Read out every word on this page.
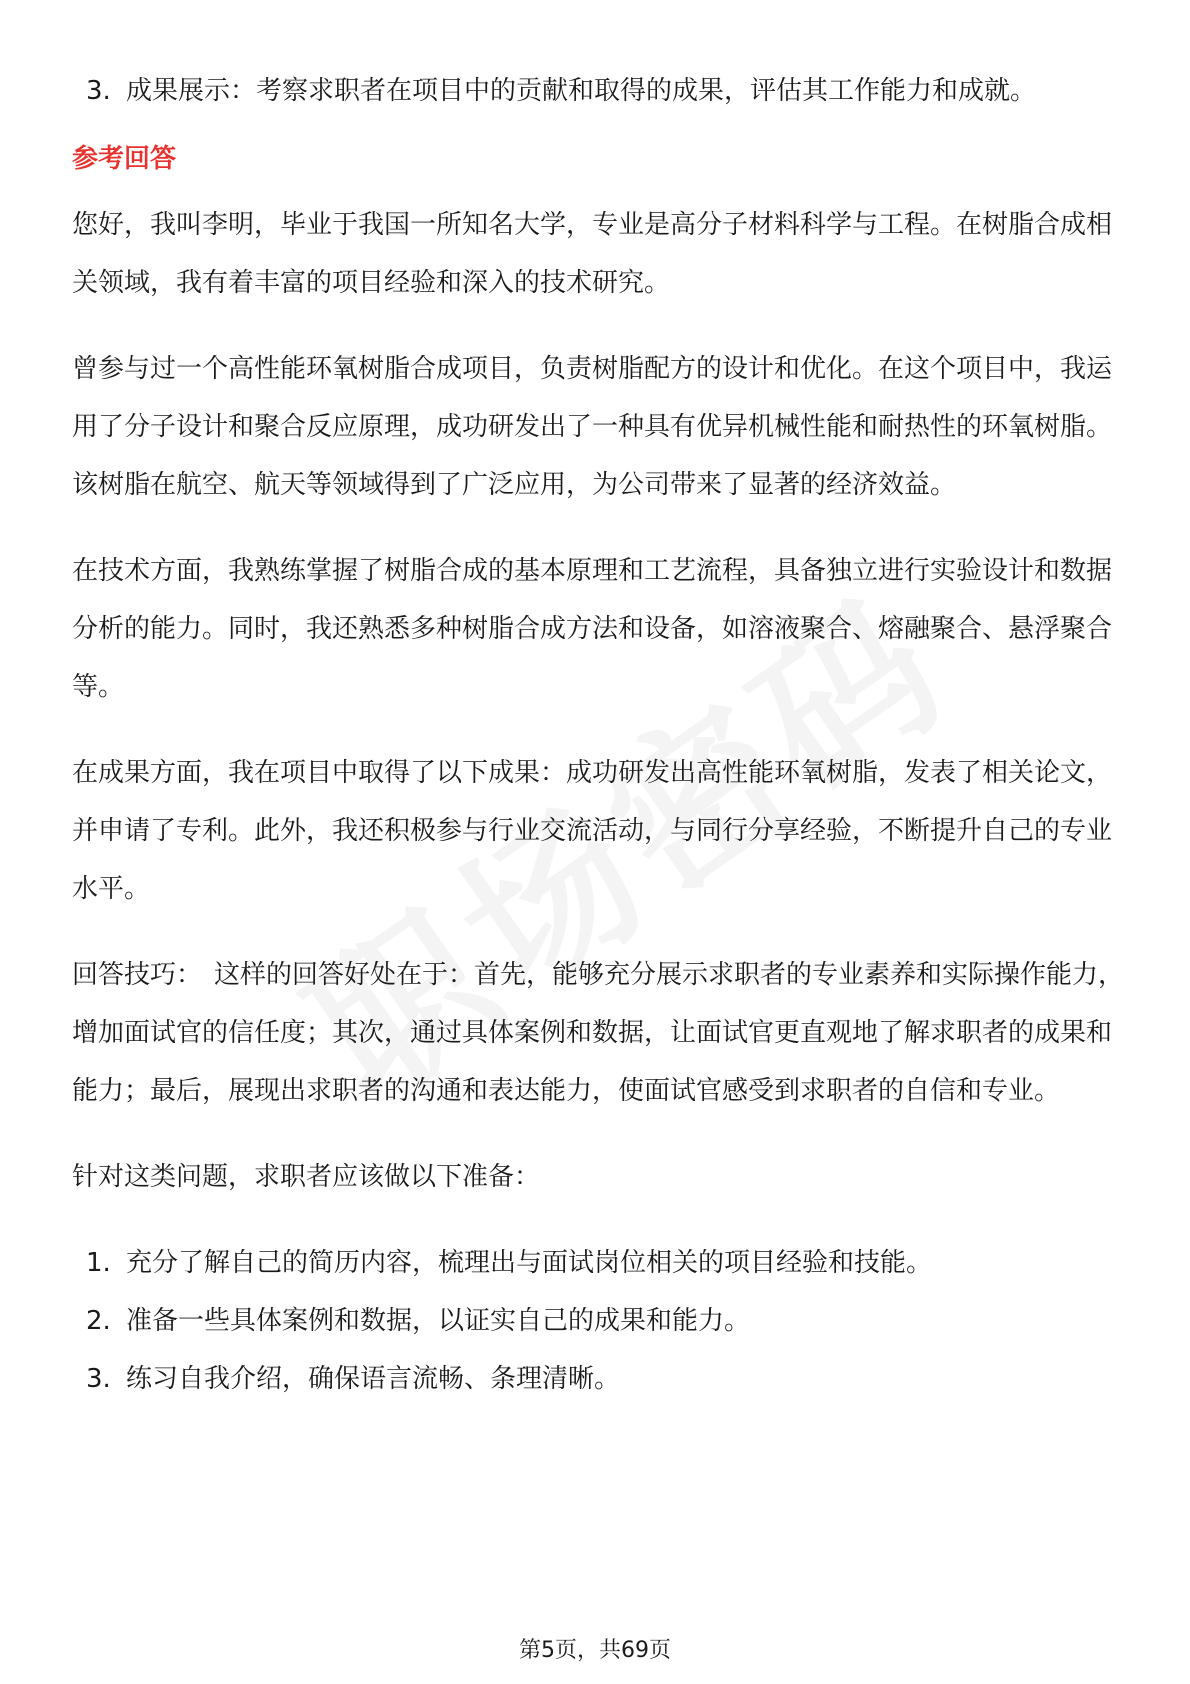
3. 成果展示：考察求职者在项目中的贡献和取得的成果，评估其工作能力和成就。
参考回答

您好，我叫李明，毕业于我国一所知名大学，专业是高分子材料科学与工程。在树脂合成相关领域，我有着丰富的项目经验和深入的技术研究。

曾参与过一个高性能环氧树脂合成项目，负责树脂配方的设计和优化。在这个项目中，我运用了分子设计和聚合反应原理，成功研发出了一种具有优异机械性能和耐热性的环氧树脂。该树脂在航空、航天等领域得到了广泛应用，为公司带来了显著的经济效益。

在技术方面，我熟练掌握了树脂合成的基本原理和工艺流程，具备独立进行实验设计和数据分析的能力。同时，我还熟悉多种树脂合成方法和设备，如溶液聚合、熔融聚合、悬浮聚合等。

在成果方面，我在项目中取得了以下成果：成功研发出高性能环氧树脂，发表了相关论文，并申请了专利。此外，我还积极参与行业交流活动，与同行分享经验，不断提升自己的专业水平。

回答技巧： 这样的回答好处在于：首先，能够充分展示求职者的专业素养和实际操作能力，增加面试官的信任度；其次，通过具体案例和数据，让面试官更直观地了解求职者的成果和能力；最后，展现出求职者的沟通和表达能力，使面试官感受到求职者的自信和专业。

针对这类问题，求职者应该做以下准备：

1. 充分了解自己的简历内容，梳理出与面试岗位相关的项目经验和技能。
2. 准备一些具体案例和数据，以证实自己的成果和能力。
3. 练习自我介绍，确保语言流畅、条理清晰。
第5页，共69页
